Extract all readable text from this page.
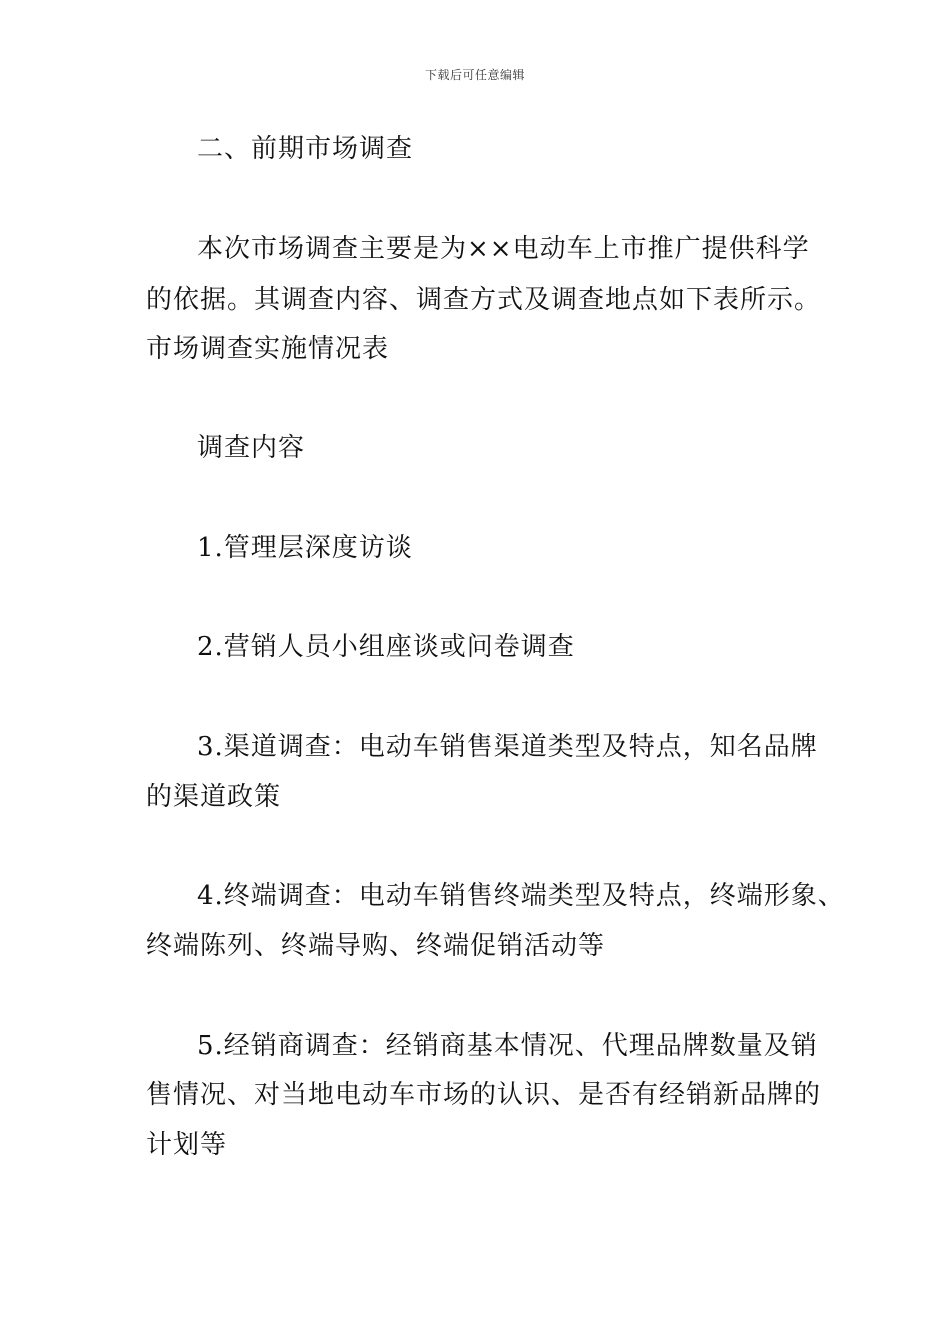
下载后可任意编辑
二、前期市场调查
本次市场调查主要是为××电动车上市推广提供科学
的依据。其调查内容、调查方式及调查地点如下表所示。
市场调查实施情况表
调查内容
1.管理层深度访谈
2.营销人员小组座谈或问卷调查
3.渠道调查：电动车销售渠道类型及特点，知名品牌
的渠道政策
4.终端调查：电动车销售终端类型及特点，终端形象、
终端陈列、终端导购、终端促销活动等
5.经销商调查：经销商基本情况、代理品牌数量及销
售情况、对当地电动车市场的认识、是否有经销新品牌的
计划等
